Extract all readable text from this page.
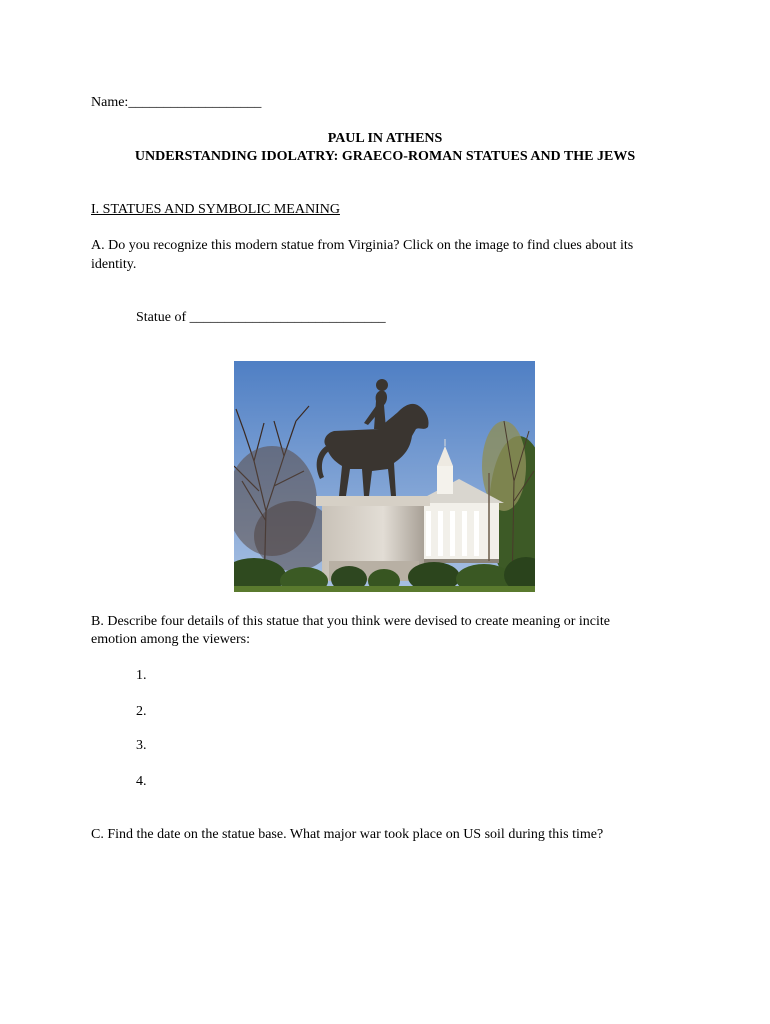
Name:___________________
PAUL IN ATHENS
UNDERSTANDING IDOLATRY: GRAECO-ROMAN STATUES AND THE JEWS
I. STATUES AND SYMBOLIC MEANING
A. Do you recognize this modern statue from Virginia? Click on the image to find clues about its
identity.
Statue of ____________________________
B. Describe four details of this statue that you think were devised to create meaning or incite
emotion among the viewers:
1.
2.
3.
4.
C. Find the date on the statue base. What major war took place on US soil during this time?
